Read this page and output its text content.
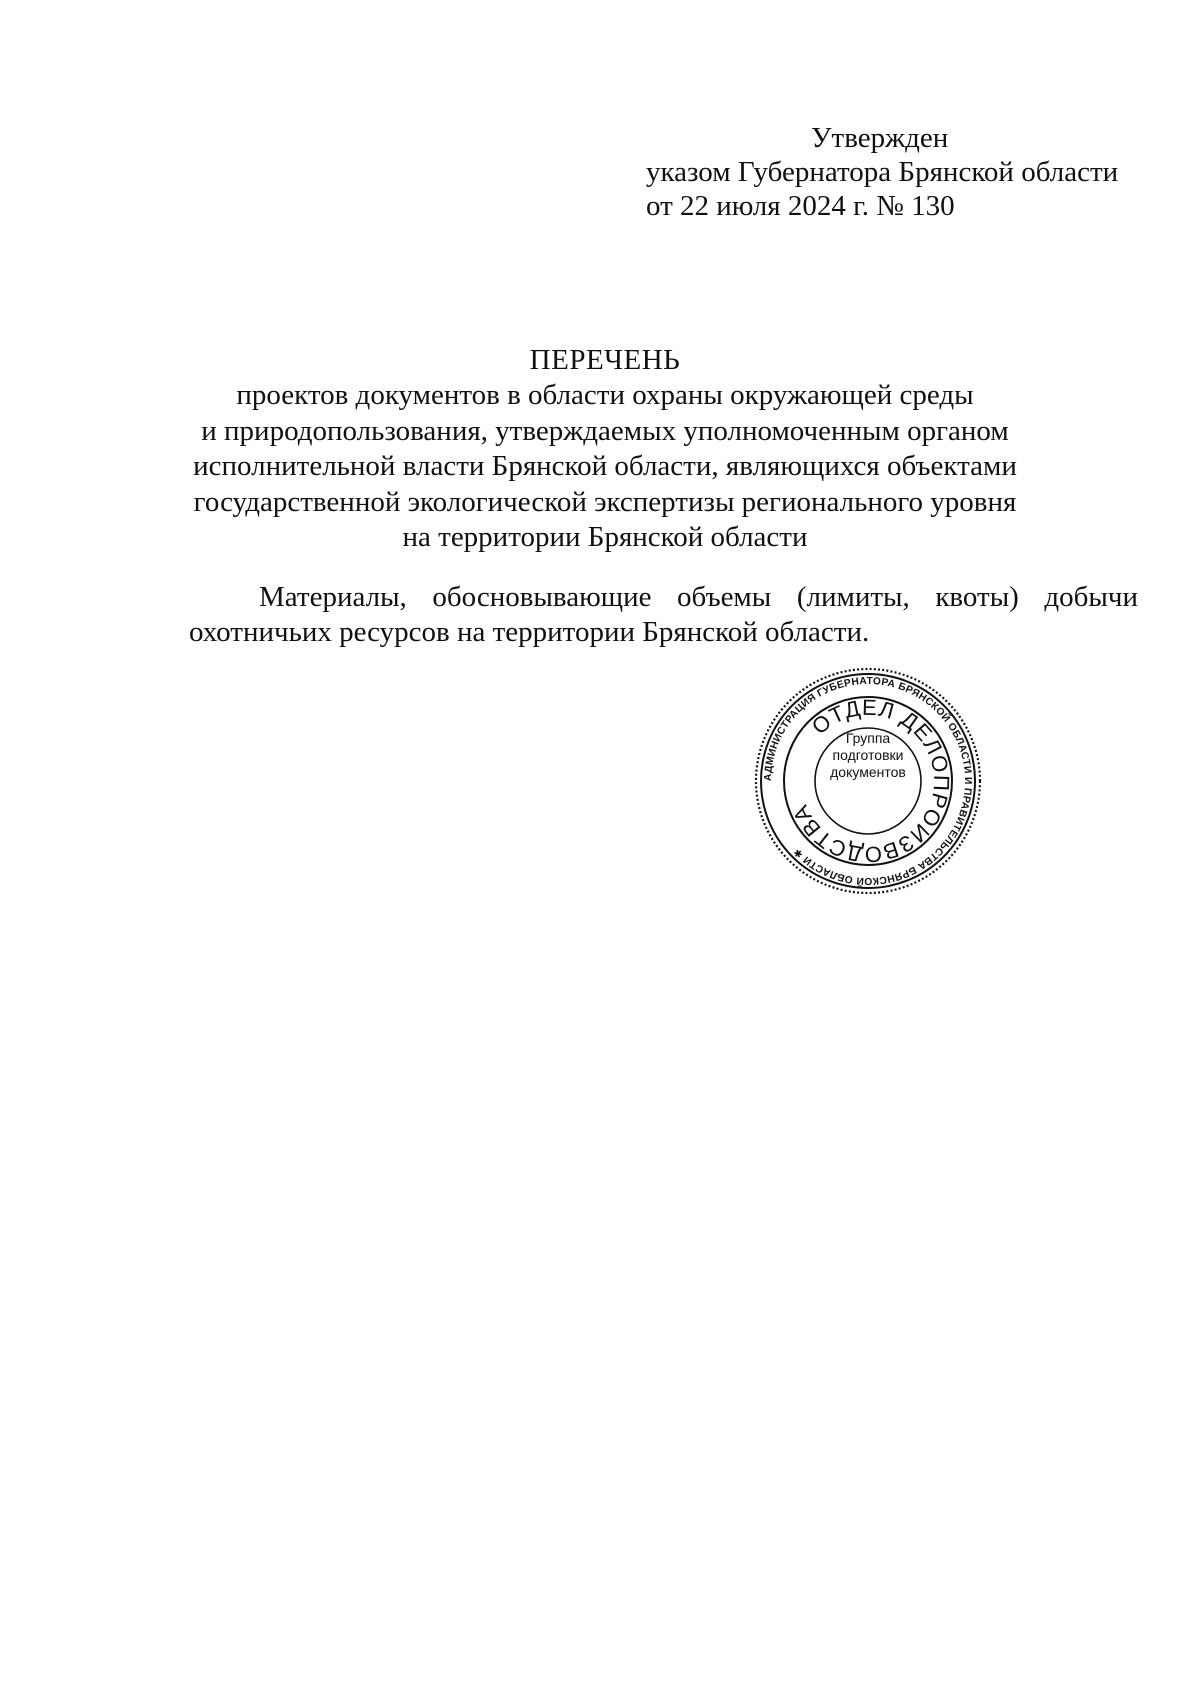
Утвержден
указом Губернатора Брянской области
от 22 июля 2024 г. № 130

ПЕРЕЧЕНЬ

проектов документов в области охраны окружающей среды

и природопользования, утверждаемых уполномоченным органом

исполнительной власти Брянской области, являющихся объектами

государственной экологической экспертизы регионального уровня

на территории Брянской области

Материалы, обосновывающие объемы (лимиты, квоты) добычи охотничьих ресурсов на территории Брянской области.

АДМИНИСТРАЦИЯ ГУБЕРНАТОРА БРЯНСКОЙ ОБЛАСТИ И ПРАВИТЕЛЬСТВА БРЯНСКОЙ ОБЛАСТИ ✱
ОТДЕЛ ДЕЛОПРОИЗВОДСТВА
Группа
подготовки
документов
